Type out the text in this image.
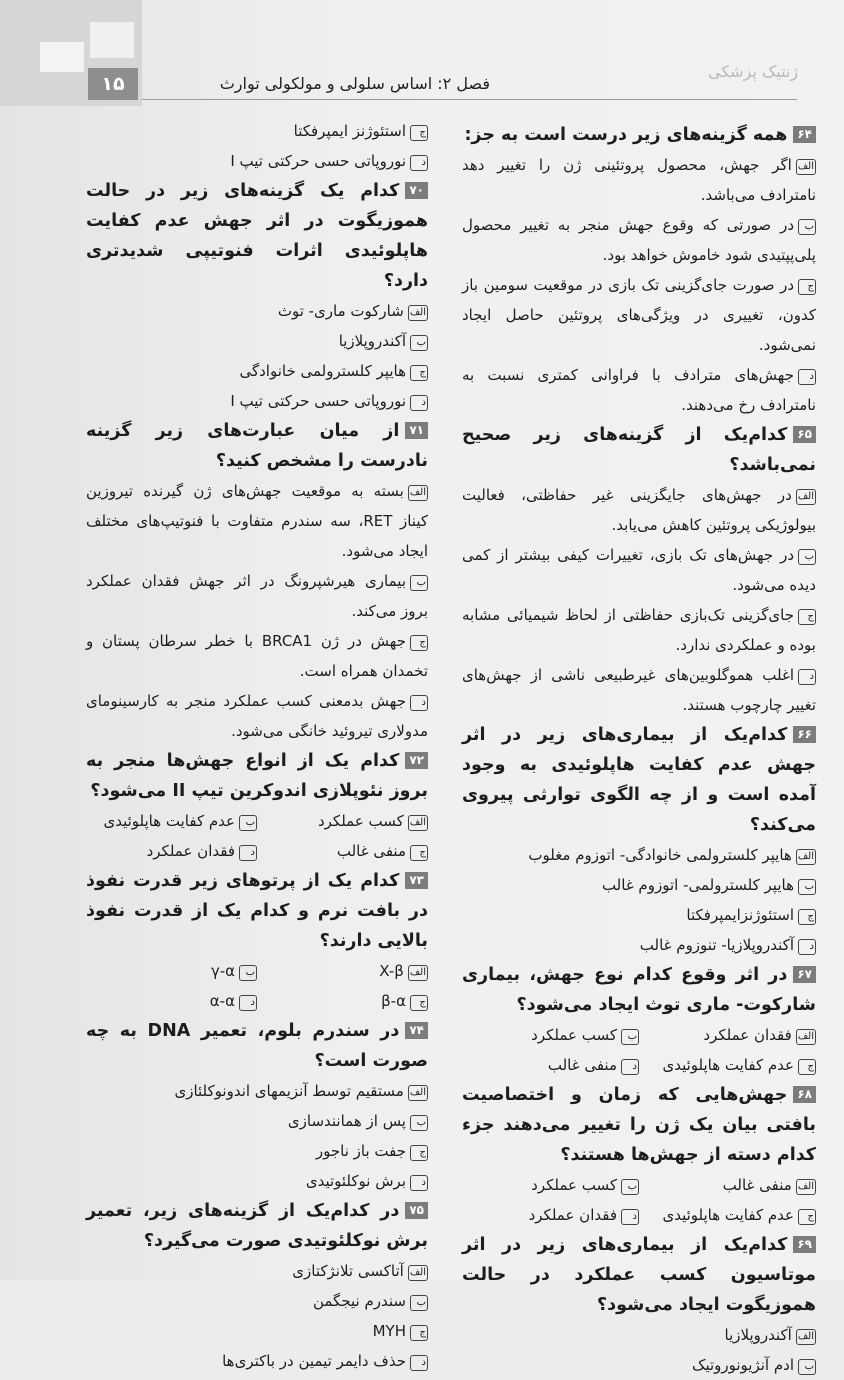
۱۵	فصل ۲: اساس سلولی و مولکولی توارث
ژنتیک پزشکی
۶۴همه گزینه‌های زیر درست است به جز:
الفاگر جهش، محصول پروتئینی ژن را تغییر دهد نامترادف می‌باشد.
بدر صورتی که وقوع جهش منجر به تغییر محصول پلی‌پپتیدی شود خاموش خواهد بود.
جدر صورت جای‌گزینی تک بازی در موقعیت سومین باز کدون، تغییری در ویژگی‌های پروتئین حاصل ایجاد نمی‌شود.
دجهش‌های مترادف با فراوانی کمتری نسبت به نامترادف رخ می‌دهند.
۶۵کدام‌یک از گزینه‌های زیر صحیح نمی‌باشد؟
الفدر جهش‌های جایگزینی غیر حفاظتی، فعالیت بیولوژیکی پروتئین کاهش می‌یابد.
بدر جهش‌های تک بازی، تغییرات کیفی بیشتر از کمی دیده می‌شود.
ججای‌گزینی تک‌بازی حفاظتی از لحاظ شیمیائی مشابه بوده و عملکردی ندارد.
داغلب هموگلوبین‌های غیرطبیعی ناشی از جهش‌های تغییر چارچوب هستند.
۶۶کدام‌یک از بیماری‌های زیر در اثر جهش عدم کفایت هاپلوئیدی به وجود آمده است و از چه الگوی توارثی پیروی می‌کند؟
الفهایپر کلسترولمی خانوادگی- اتوزوم مغلوب
بهایپر کلسترولمی- اتوزوم غالب
جاستئوژنزایمپرفکتا
دآکندروپلازیا- تنوزوم غالب
۶۷در اثر وقوع کدام نوع جهش، بیماری شارکوت- ماری توث ایجاد می‌شود؟
الففقدان عملکرد
بکسب عملکرد
جعدم کفایت هاپلوئیدی
دمنفی غالب
۶۸جهش‌هایی که زمان و اختصاصیت بافتی بیان یک ژن را تغییر می‌دهند جزء کدام دسته از جهش‌ها هستند؟
الفمنفی غالب
بکسب عملکرد
جعدم کفایت هاپلوئیدی
دفقدان عملکرد
۶۹کدام‌یک از بیماری‌های زیر در اثر موتاسیون کسب عملکرد در حالت هموزیگوت ایجاد می‌شود؟
الفآکندروپلازیا
بادم آنژیونوروتیک
جاستئوژنز ایمپرفکتا
دنوروپاتی حسی حرکتی تیپ I
۷۰کدام یک گزینه‌های زیر در حالت هموزیگوت در اثر جهش عدم کفایت هاپلوئیدی اثرات فنوتیپی شدیدتری دارد؟
الفشارکوت ماری- توث
بآکندروپلازیا
جهایپر کلسترولمی خانوادگی
دنوروپاتی حسی حرکتی تیپ I
۷۱از میان عبارت‌های زیر گزینه نادرست را مشخص کنید؟
الفبسته به موقعیت جهش‌های ژن گیرنده تیروزین کیناز RET، سه سندرم متفاوت با فنوتیپ‌های مختلف ایجاد می‌شود.
ببیماری هیرشپرونگ در اثر جهش فقدان عملکرد بروز می‌کند.
ججهش در ژن BRCA1 با خطر سرطان پستان و تخمدان همراه است.
دجهش بدمعنی کسب عملکرد منجر به کارسینومای مدولاری تیروئید خانگی می‌شود.
۷۲کدام یک از انواع جهش‌ها منجر به بروز نئوپلازی اندوکرین تیپ II می‌شود؟
الفکسب عملکرد
بعدم کفایت هاپلوئیدی
جمنفی غالب
دفقدان عملکرد
۷۳کدام یک از پرتوهای زیر قدرت نفوذ در بافت نرم و کدام یک از قدرت نفوذ بالایی دارند؟
الفX-β
بγ-α
جβ-α
دα-α
۷۴در سندرم بلوم، تعمیر DNA به چه صورت است؟
الفمستقیم توسط آنزیمهای اندونوکلئازی
بپس از همانندسازی
ججفت باز ناجور
دبرش نوکلئوتیدی
۷۵در کدام‌یک از گزینه‌های زیر، تعمیر برش نوکلئوتیدی صورت می‌گیرد؟
الفآتاکسی تلانژکتازی
بسندرم نیجگمن
جMYH
دحذف دایمر تیمین در باکتری‌ها
